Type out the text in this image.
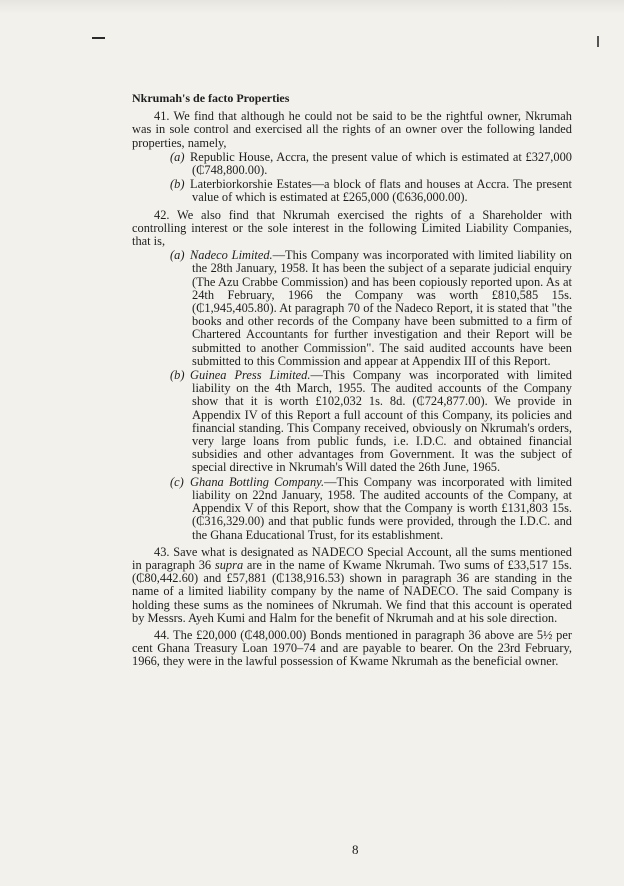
Nkrumah's de facto Properties

41. We find that although he could not be said to be the rightful owner, Nkrumah was in sole control and exercised all the rights of an owner over the following landed properties, namely,

(a) Republic House, Accra, the present value of which is estimated at £327,000 (₵748,800.00).

(b) Laterbiorkorshie Estates—a block of flats and houses at Accra. The present value of which is estimated at £265,000 (₵636,000.00).

42. We also find that Nkrumah exercised the rights of a Shareholder with controlling interest or the sole interest in the following Limited Liability Companies, that is,

(a) Nadeco Limited.—This Company was incorporated with limited liability on the 28th January, 1958. It has been the subject of a separate judicial enquiry (The Azu Crabbe Commission) and has been copiously reported upon. As at 24th February, 1966 the Company was worth £810,585 15s. (₵1,945,405.80). At paragraph 70 of the Nadeco Report, it is stated that "the books and other records of the Company have been submitted to a firm of Chartered Accountants for further investigation and their Report will be submitted to another Commission". The said audited accounts have been submitted to this Commission and appear at Appendix III of this Report.

(b) Guinea Press Limited.—This Company was incorporated with limited liability on the 4th March, 1955. The audited accounts of the Company show that it is worth £102,032 1s. 8d. (₵724,877.00). We provide in Appendix IV of this Report a full account of this Company, its policies and financial standing. This Company received, obviously on Nkrumah's orders, very large loans from public funds, i.e. I.D.C. and obtained financial subsidies and other advantages from Government. It was the subject of special directive in Nkrumah's Will dated the 26th June, 1965.

(c) Ghana Bottling Company.—This Company was incorporated with limited liability on 22nd January, 1958. The audited accounts of the Company, at Appendix V of this Report, show that the Company is worth £131,803 15s. (₵316,329.00) and that public funds were provided, through the I.D.C. and the Ghana Educational Trust, for its establishment.

43. Save what is designated as NADECO Special Account, all the sums mentioned in paragraph 36 supra are in the name of Kwame Nkrumah. Two sums of £33,517 15s. (₵80,442.60) and £57,881 (₵138,916.53) shown in paragraph 36 are standing in the name of a limited liability company by the name of NADECO. The said Company is holding these sums as the nominees of Nkrumah. We find that this account is operated by Messrs. Ayeh Kumi and Halm for the benefit of Nkrumah and at his sole direction.

44. The £20,000 (₵48,000.00) Bonds mentioned in paragraph 36 above are 5½ per cent Ghana Treasury Loan 1970–74 and are payable to bearer. On the 23rd February, 1966, they were in the lawful possession of Kwame Nkrumah as the beneficial owner.

8
